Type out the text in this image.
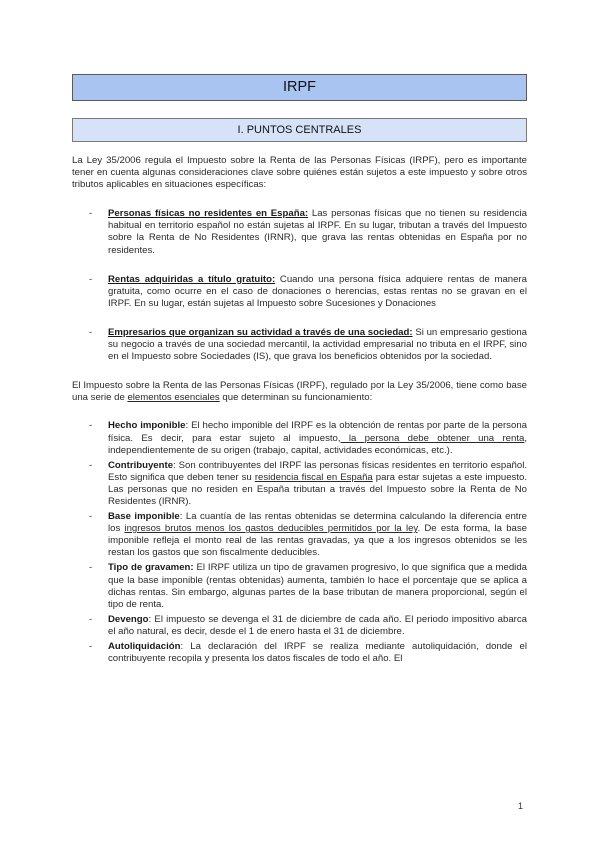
IRPF
I. PUNTOS CENTRALES

La Ley 35/2006 regula el Impuesto sobre la Renta de las Personas Físicas (IRPF), pero es importante tener en cuenta algunas consideraciones clave sobre quiénes están sujetos a este impuesto y sobre otros tributos aplicables en situaciones específicas:

- Personas físicas no residentes en España: Las personas físicas que no tienen su residencia habitual en territorio español no están sujetas al IRPF. En su lugar, tributan a través del Impuesto sobre la Renta de No Residentes (IRNR), que grava las rentas obtenidas en España por no residentes.
- Rentas adquiridas a título gratuito: Cuando una persona física adquiere rentas de manera gratuita, como ocurre en el caso de donaciones o herencias, estas rentas no se gravan en el IRPF. En su lugar, están sujetas al Impuesto sobre Sucesiones y Donaciones
- Empresarios que organizan su actividad a través de una sociedad: Si un empresario gestiona su negocio a través de una sociedad mercantil, la actividad empresarial no tributa en el IRPF, sino en el Impuesto sobre Sociedades (IS), que grava los beneficios obtenidos por la sociedad.

El Impuesto sobre la Renta de las Personas Físicas (IRPF), regulado por la Ley 35/2006, tiene como base una serie de elementos esenciales que determinan su funcionamiento:

- Hecho imponible: El hecho imponible del IRPF es la obtención de rentas por parte de la persona física. Es decir, para estar sujeto al impuesto, la persona debe obtener una renta, independientemente de su origen (trabajo, capital, actividades económicas, etc.).
- Contribuyente: Son contribuyentes del IRPF las personas físicas residentes en territorio español. Esto significa que deben tener su residencia fiscal en España para estar sujetas a este impuesto. Las personas que no residen en España tributan a través del Impuesto sobre la Renta de No Residentes (IRNR).
- Base imponible: La cuantía de las rentas obtenidas se determina calculando la diferencia entre los ingresos brutos menos los gastos deducibles permitidos por la ley. De esta forma, la base imponible refleja el monto real de las rentas gravadas, ya que a los ingresos obtenidos se les restan los gastos que son fiscalmente deducibles.
- Tipo de gravamen: El IRPF utiliza un tipo de gravamen progresivo, lo que significa que a medida que la base imponible (rentas obtenidas) aumenta, también lo hace el porcentaje que se aplica a dichas rentas. Sin embargo, algunas partes de la base tributan de manera proporcional, según el tipo de renta.
- Devengo: El impuesto se devenga el 31 de diciembre de cada año. El periodo impositivo abarca el año natural, es decir, desde el 1 de enero hasta el 31 de diciembre.
- Autoliquidación: La declaración del IRPF se realiza mediante autoliquidación, donde el contribuyente recopila y presenta los datos fiscales de todo el año. El
1
